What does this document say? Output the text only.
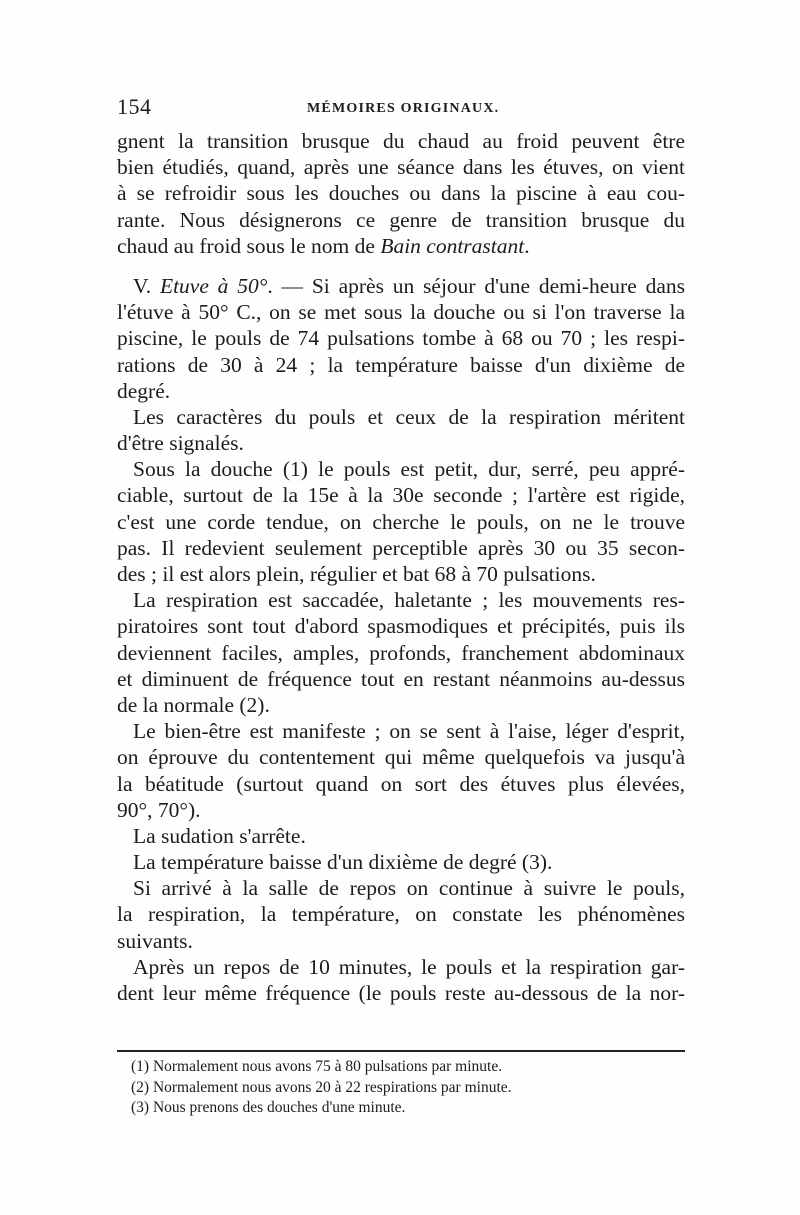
154	MÉMOIRES ORIGINAUX.
gnent la transition brusque du chaud au froid peuvent être
bien étudiés, quand, après une séance dans les étuves, on vient
à se refroidir sous les douches ou dans la piscine à eau cou-
rante. Nous désignerons ce genre de transition brusque du
chaud au froid sous le nom de Bain contrastant.
V. Etuve à 50°. — Si après un séjour d'une demi-heure dans
l'étuve à 50° C., on se met sous la douche ou si l'on traverse la
piscine, le pouls de 74 pulsations tombe à 68 ou 70 ; les respi-
rations de 30 à 24 ; la température baisse d'un dixième de
degré.
Les caractères du pouls et ceux de la respiration méritent
d'être signalés.
Sous la douche (1) le pouls est petit, dur, serré, peu appré-
ciable, surtout de la 15e à la 30e seconde ; l'artère est rigide,
c'est une corde tendue, on cherche le pouls, on ne le trouve
pas. Il redevient seulement perceptible après 30 ou 35 secon-
des ; il est alors plein, régulier et bat 68 à 70 pulsations.
La respiration est saccadée, haletante ; les mouvements res-
piratoires sont tout d'abord spasmodiques et précipités, puis ils
deviennent faciles, amples, profonds, franchement abdominaux
et diminuent de fréquence tout en restant néanmoins au-dessus
de la normale (2).
Le bien-être est manifeste ; on se sent à l'aise, léger d'esprit,
on éprouve du contentement qui même quelquefois va jusqu'à
la béatitude (surtout quand on sort des étuves plus élevées,
90°, 70°).
La sudation s'arrête.
La température baisse d'un dixième de degré (3).
Si arrivé à la salle de repos on continue à suivre le pouls,
la respiration, la température, on constate les phénomènes
suivants.
Après un repos de 10 minutes, le pouls et la respiration gar-
dent leur même fréquence (le pouls reste au-dessous de la nor-
(1) Normalement nous avons 75 à 80 pulsations par minute.
(2) Normalement nous avons 20 à 22 respirations par minute.
(3) Nous prenons des douches d'une minute.
